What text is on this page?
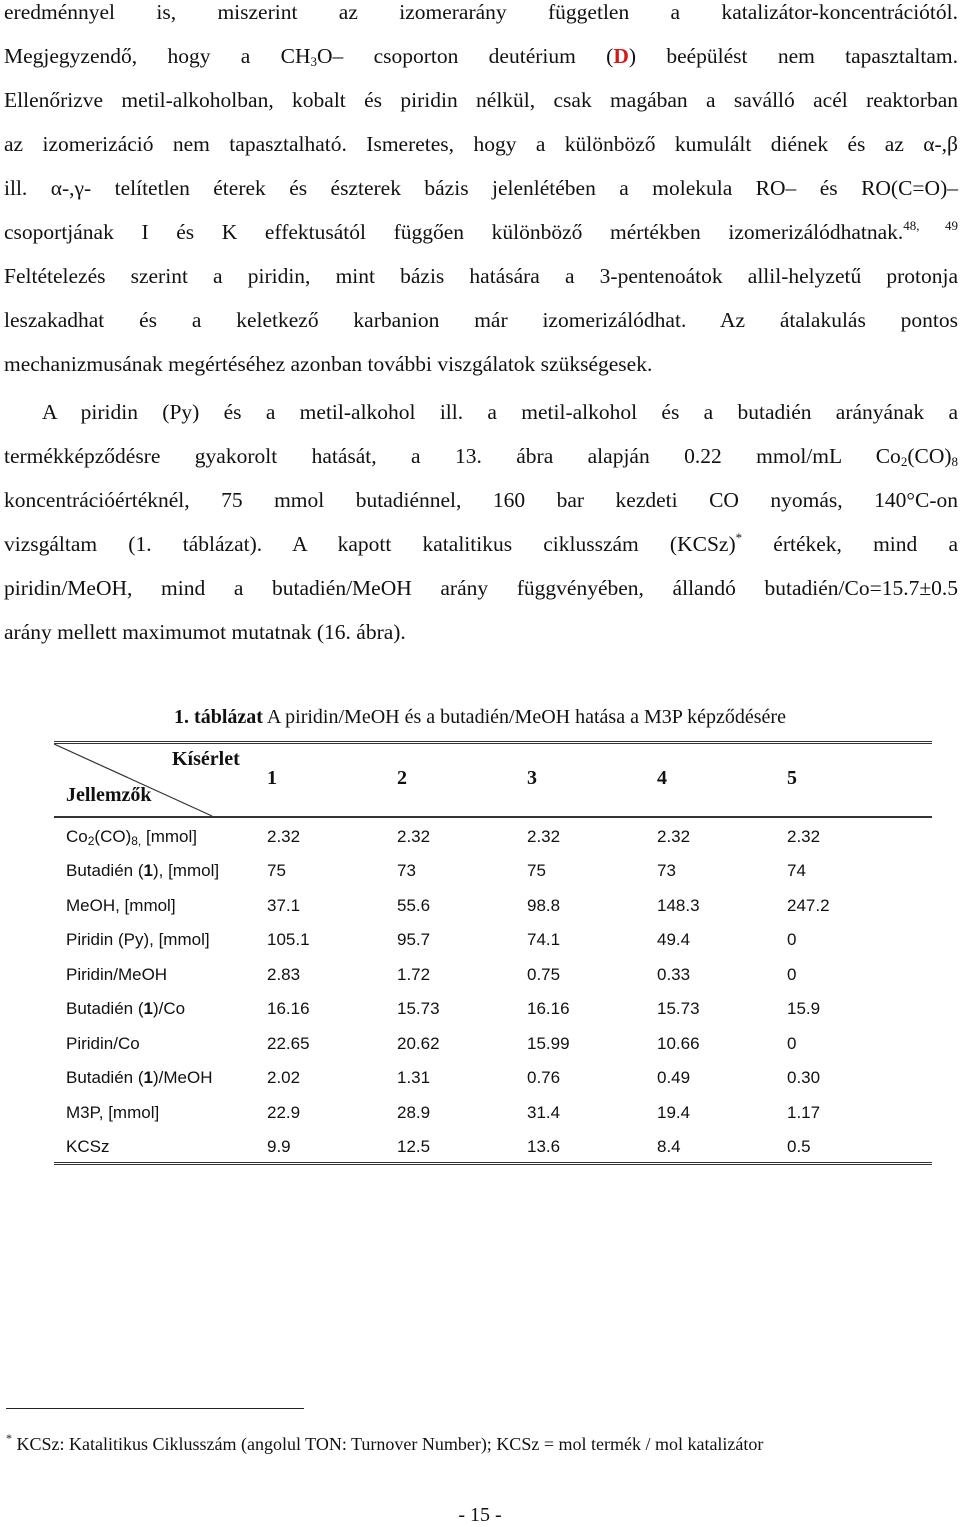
eredménnyel is, miszerint az izomerarány független a katalizátor-koncentrációtól.
Megjegyzendő, hogy a $CH_3O-$ csoporton deutérium (D) beépülést nem tapasztaltam.
Ellenőrizve metil-alkoholban, kobalt és piridin nélkül, csak magában a saválló acél reaktorban
az izomerizáció nem tapasztalható. Ismeretes, hogy a különböző kumulált diének és az α-,β
ill. α-,γ- telítetlen éterek és észterek bázis jelenlétében a molekula RO– és RO(C=O)–
csoportjának I és K effektusától függően különböző mértékben izomerizálódhatnak.$^{48, 49}$
Feltételezés szerint a piridin, mint bázis hatására a 3-pentenoátok allil-helyzetű protonja
leszakadhat és a keletkező karbanion már izomerizálódhat. Az átalakulás pontos
mechanizmusának megértéséhez azonban további viszgálatok szükségesek.
A piridin (Py) és a metil-alkohol ill. a metil-alkohol és a butadién arányának a
termékképződésre gyakorolt hatását, a 13. ábra alapján 0.22 mmol/mL $Co_2(CO)_8$
koncentrációértéknél, 75 mmol butadiénnel, 160 bar kezdeti CO nyomás, 140°C-on
vizsgáltam (1. táblázat). A kapott katalitikus ciklusszám (KCSz)* értékek, mind a
piridin/MeOH, mind a butadién/MeOH arány függvényében, állandó butadién/Co=15.7±0.5
arány mellett maximumot mutatnak (16. ábra).
1. táblázat A piridin/MeOH és a butadién/MeOH hatása a M3P képződésére
Kísérlet
Jellemzők
1	2	3	4	5
$Co_2(CO)_{8,}$ [mmol]	2.32	2.32	2.32	2.32	2.32
Butadién (1), [mmol]	75	73	75	73	74
MeOH, [mmol]	37.1	55.6	98.8	148.3	247.2
Piridin (Py), [mmol]	105.1	95.7	74.1	49.4	0
Piridin/MeOH	2.83	1.72	0.75	0.33	0
Butadién (1)/Co	16.16	15.73	16.16	15.73	15.9
Piridin/Co	22.65	20.62	15.99	10.66	0
Butadién (1)/MeOH	2.02	1.31	0.76	0.49	0.30
M3P, [mmol]	22.9	28.9	31.4	19.4	1.17
KCSz	9.9	12.5	13.6	8.4	0.5
* KCSz: Katalitikus Ciklusszám (angolul TON: Turnover Number); KCSz = mol termék / mol katalizátor
- 15 -
